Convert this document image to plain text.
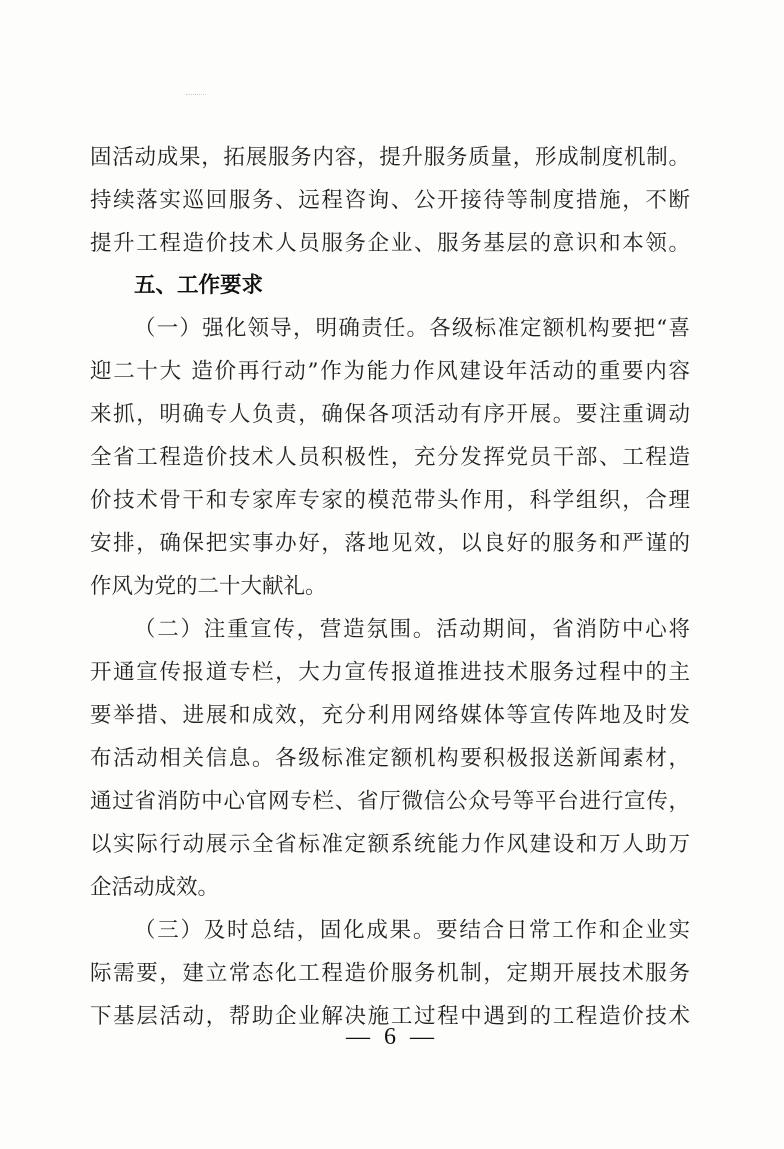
固活动成果，拓展服务内容，提升服务质量，形成制度机制。
持续落实巡回服务、远程咨询、公开接待等制度措施，不断
提升工程造价技术人员服务企业、服务基层的意识和本领。
五、工作要求
（一）强化领导，明确责任。各级标准定额机构要把“喜
迎二十大 造价再行动”作为能力作风建设年活动的重要内容
来抓，明确专人负责，确保各项活动有序开展。要注重调动
全省工程造价技术人员积极性，充分发挥党员干部、工程造
价技术骨干和专家库专家的模范带头作用，科学组织，合理
安排，确保把实事办好，落地见效，以良好的服务和严谨的
作风为党的二十大献礼。
（二）注重宣传，营造氛围。活动期间，省消防中心将
开通宣传报道专栏，大力宣传报道推进技术服务过程中的主
要举措、进展和成效，充分利用网络媒体等宣传阵地及时发
布活动相关信息。各级标准定额机构要积极报送新闻素材，
通过省消防中心官网专栏、省厅微信公众号等平台进行宣传，
以实际行动展示全省标准定额系统能力作风建设和万人助万
企活动成效。
（三）及时总结，固化成果。要结合日常工作和企业实
际需要，建立常态化工程造价服务机制，定期开展技术服务
下基层活动，帮助企业解决施工过程中遇到的工程造价技术
— 6 —
